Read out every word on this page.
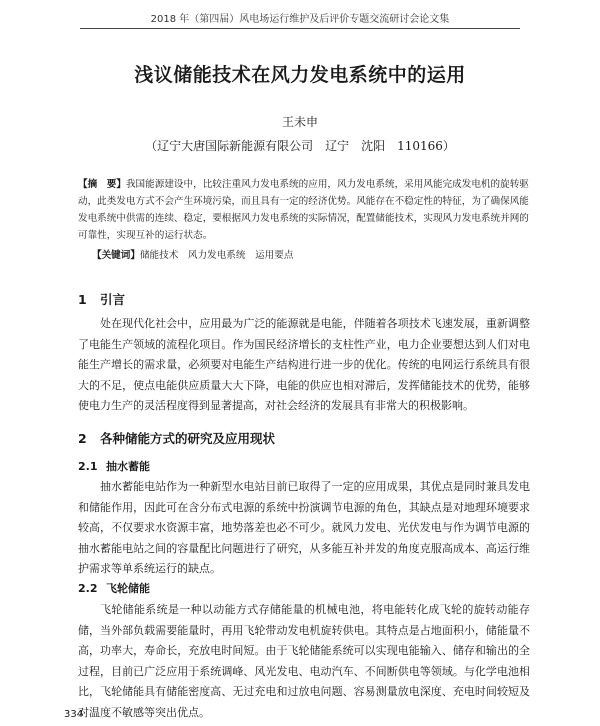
2018 年（第四届）风电场运行维护及后评价专题交流研讨会论文集
浅议储能技术在风力发电系统中的运用
王未申
（辽宁大唐国际新能源有限公司　辽宁　沈阳　110166）

【摘　要】我国能源建设中，比较注重风力发电系统的应用，风力发电系统，采用风能完成发电机的旋转驱动，此类发电方式不会产生环境污染，而且具有一定的经济优势。风能存在不稳定性的特征，为了确保风能发电系统中供需的连续、稳定，要根据风力发电系统的实际情况，配置储能技术，实现风力发电系统并网的可靠性，实现互补的运行状态。

【关键词】储能技术　风力发电系统　运用要点

1 引言

处在现代化社会中，应用最为广泛的能源就是电能，伴随着各项技术飞速发展，重新调整了电能生产领域的流程化项目。作为国民经济增长的支柱性产业，电力企业要想达到人们对电能生产增长的需求量，必须要对电能生产结构进行进一步的优化。传统的电网运行系统具有很大的不足，使点电能供应质量大大下降，电能的供应也相对滞后，发挥储能技术的优势，能够使电力生产的灵活程度得到显著提高，对社会经济的发展具有非常大的积极影响。

2 各种储能方式的研究及应用现状
2.1 抽水蓄能

抽水蓄能电站作为一种新型水电站目前已取得了一定的应用成果，其优点是同时兼具发电和储能作用，因此可在含分布式电源的系统中扮演调节电源的角色，其缺点是对地理环境要求较高，不仅要求水资源丰富，地势落差也必不可少。就风力发电、光伏发电与作为调节电源的抽水蓄能电站之间的容量配比问题进行了研究，从多能互补并发的角度克服高成本、高运行维护需求等单系统运行的缺点。

2.2 飞轮储能

飞轮储能系统是一种以动能方式存储能量的机械电池，将电能转化成飞轮的旋转动能存储，当外部负载需要能量时，再用飞轮带动发电机旋转供电。其特点是占地面积小，储能量不高，功率大，寿命长，充放电时间短。由于飞轮储能系统可以实现电能输入、储存和输出的全过程，目前已广泛应用于系统调峰、风光发电、电动汽车、不间断供电等领域。与化学电池相比，飞轮储能具有储能密度高、无过充电和过放电问题、容易测量放电深度、充电时间较短及对温度不敏感等突出优点。

334
